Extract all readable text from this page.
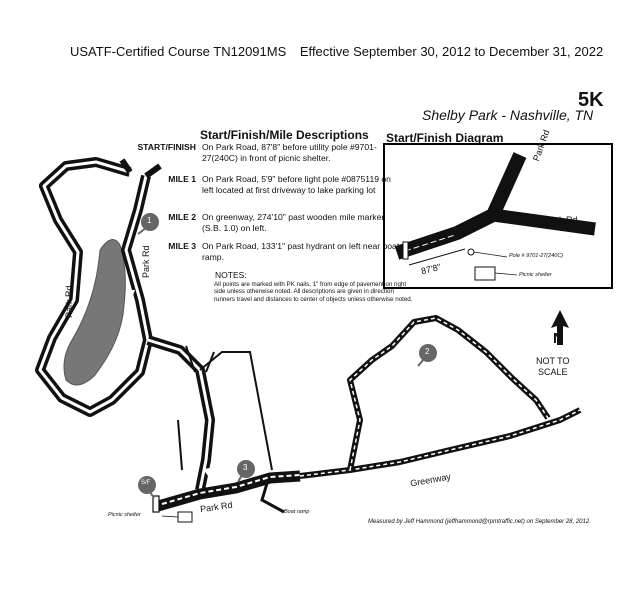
USATF-Certified Course TN12091MS Effective September 30, 2012 to December 31, 2022
5K
Shelby Park - Nashville, TN
Start/Finish/Mile Descriptions Start/Finish Diagram
START/FINISH On Park Road, 87'8" before utility pole #9701-27(240C) in front of picnic shelter.
MILE 1 On Park Road, 5'9" before light pole #0875119 on left located at first driveway to lake parking lot
MILE 2 On greenway, 274'10" past wooden mile marker (S.B. 1.0) on left.
MILE 3 On Park Road, 133'1" past hydrant on left near boat ramp.
NOTES:
All points are marked with PK nails, 1" from edge of pavement on right side unless otherwise noted. All descriptions are given in direction runners travel and distances to center of objects unless otherwise noted.
Park Rd
Park Rd
87'8"
Pole # 9701-27(240C)
Picnic shelter
Park Rd
Park Rd
Park Rd
Greenway
Picnic shelter	Boat ramp
1
2
3
S/F
N
NOT TO
SCALE
Measured by Jeff Hammond (jeffhammond@rpmtraffic.net) on September 28, 2012.
